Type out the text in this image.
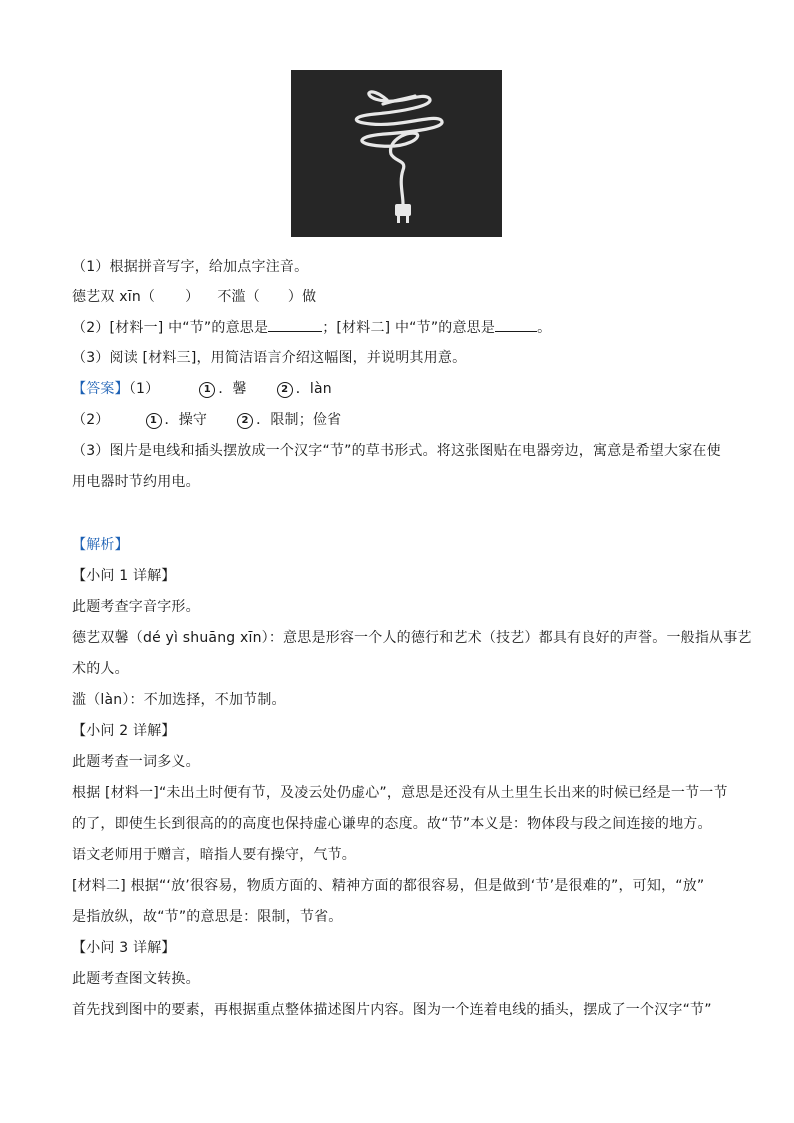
（1）根据拼音写字，给加点字注音。
德艺双 xīn（ ） 不滥（ ）做
（2）[材料一] 中“节”的意思是	；[材料二] 中“节”的意思是	。
（3）阅读 [材料三]，用简洁语言介绍这幅图，并说明其用意。
【答案】（1）	1 ．馨	2 ．làn
（2）	1 ．操守	2 ．限制；俭省
（3）图片是电线和插头摆放成一个汉字“节”的草书形式。将这张图贴在电器旁边，寓意是希望大家在使
用电器时节约用电。
【解析】
【小问 1 详解】
此题考查字音字形。
德艺双馨（dé yì shuāng xīn）：意思是形容一个人的德行和艺术（技艺）都具有良好的声誉。一般指从事艺
术的人。
滥（làn）：不加选择，不加节制。
【小问 2 详解】
此题考查一词多义。
根据 [材料一]“未出土时便有节，及凌云处仍虚心”，意思是还没有从土里生长出来的时候已经是一节一节
的了，即使生长到很高的的高度也保持虚心谦卑的态度。故“节”本义是：物体段与段之间连接的地方。
语文老师用于赠言，暗指人要有操守，气节。
[材料二] 根据“‘放’很容易，物质方面的、精神方面的都很容易，但是做到‘节’是很难的”，可知，“放”
是指放纵，故“节”的意思是：限制，节省。
【小问 3 详解】
此题考查图文转换。
首先找到图中的要素，再根据重点整体描述图片内容。图为一个连着电线的插头，摆成了一个汉字“节”
